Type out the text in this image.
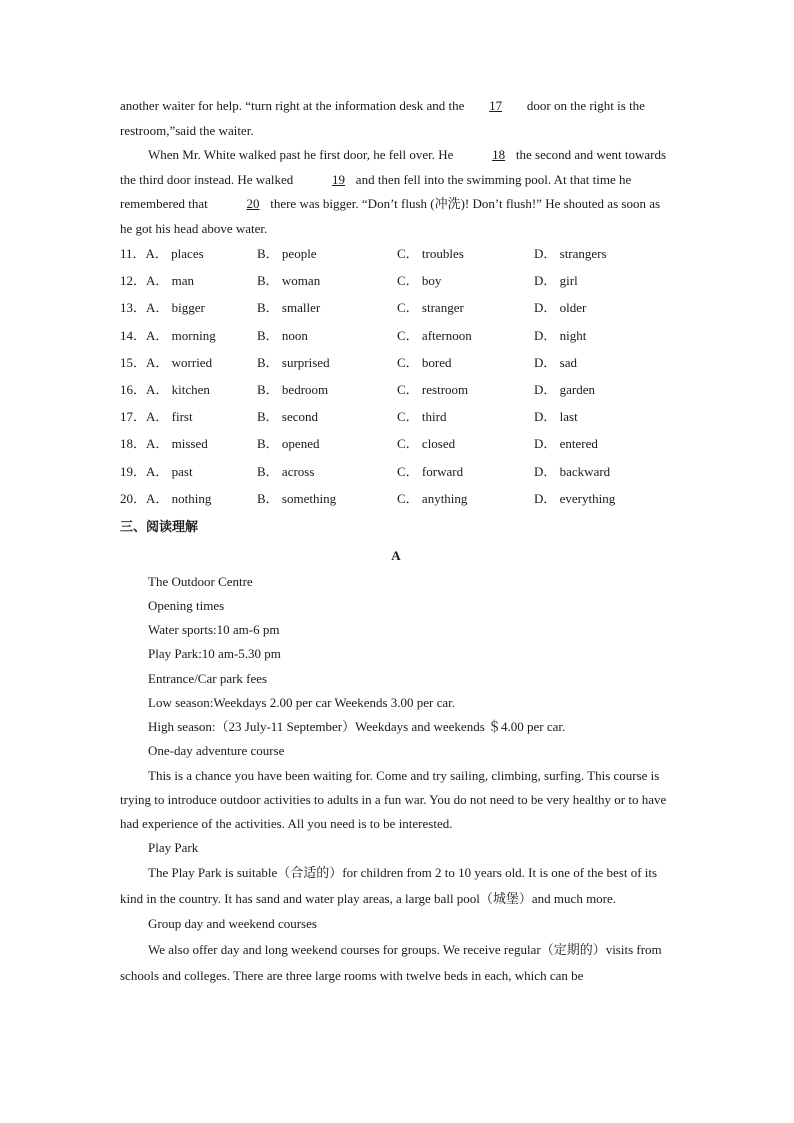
another waiter for help. “turn right at the information desk and the 17 door on the right is the restroom,”said the waiter.

When Mr. White walked past he first door, he fell over. He	18 the second and went towards the third door instead. He walked	19 and then fell into the swimming pool. At that time he remembered that	20 there was bigger. “Don’t flush (冲洗)! Don’t flush!” He shouted as soon as he got his head above water.

11．A． places	B． people	C． troubles	D． strangers
12．A． man	B． woman	C． boy	D． girl
13．A． bigger	B． smaller	C． stranger	D． older
14．A． morning	B． noon	C． afternoon	D． night
15．A． worried	B． surprised	C． bored	D． sad
16．A． kitchen	B． bedroom	C． restroom	D． garden
17．A． first	B． second	C． third	D． last
18．A． missed	B． opened	C． closed	D． entered
19．A． past	B． across	C． forward	D． backward
20．A． nothing	B． something	C． anything	D． everything
三、阅读理解
A

The Outdoor Centre

Opening times

Water sports:10 am-6 pm

Play Park:10 am-5.30 pm

Entrance/Car park fees

Low season:Weekdays 2.00 per car Weekends 3.00 per car.

High season:（23 July-11 September）Weekdays and weekends ＄4.00 per car.

One-day adventure course

This is a chance you have been waiting for. Come and try sailing, climbing, surfing. This course is trying to introduce outdoor activities to adults in a fun war. You do not need to be very healthy or to have had experience of the activities. All you need is to be interested.

Play Park

The Play Park is suitable（合适的）for children from 2 to 10 years old. It is one of the best of its kind in the country. It has sand and water play areas, a large ball pool（城堡）and much more.

Group day and weekend courses

We also offer day and long weekend courses for groups. We receive regular（定期的）visits from schools and colleges. There are three large rooms with twelve beds in each, which can be
